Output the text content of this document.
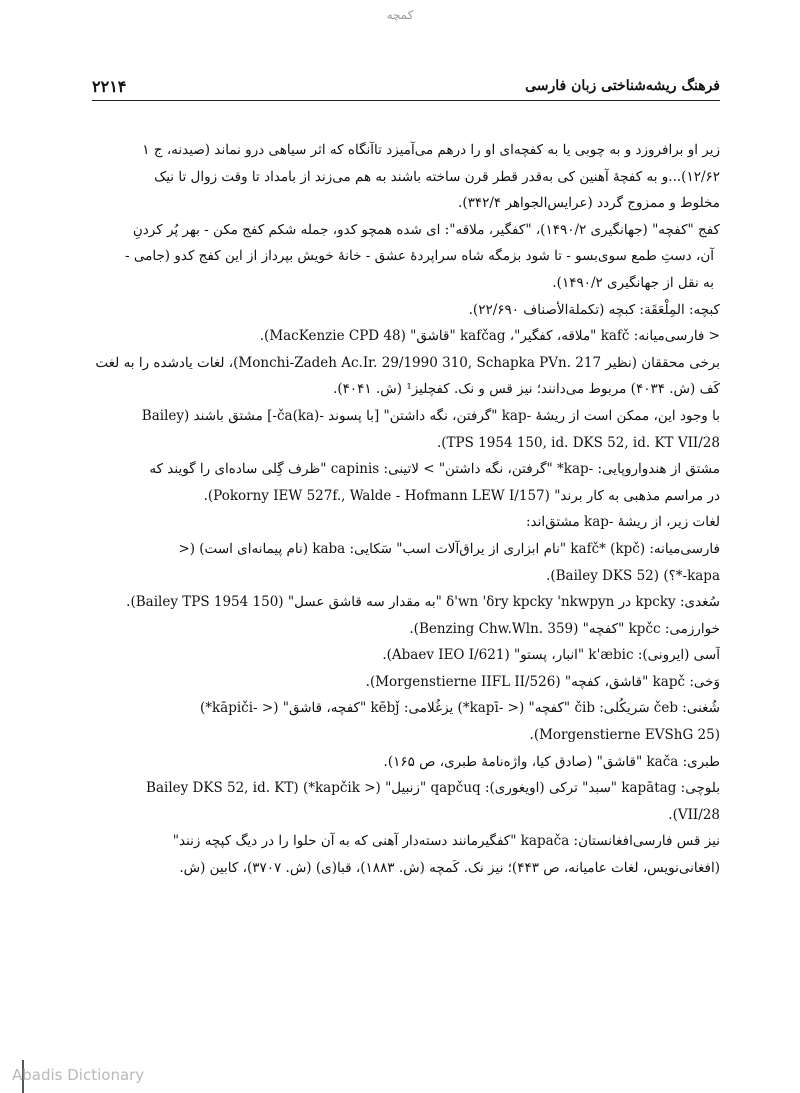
کمچه
۲۲۱۴	فرهنگ ریشه‌شناختی زبان فارسی
زیر او برافروزد و به چوبی یا به کفچه‌ای او را درهم می‌آمیزد تاآنگاه که اثر سیاهی درو نماند (صیدنه، ج ۱
۱۲/۶۲)...و به کفچهٔ آهنین کی به‌قدر قطر قرن ساخته باشند به هم می‌زند از بامداد تا وقت زوال تا نیک
مخلوط و ممزوج گردد (عرایس‌الجواهر ۳۴۲/۴).
کفج "کفچه" (جهانگیری ۱۴۹۰/۲)، "کفگیر، ملاقه": ای شده همچو کدو، جمله شکم کفج مکن - بهر پُر کردنِ
آن، دستِ طمع سوی‌بسو - تا شود بزمگه شاه سراپردهٔ عشق - خانهٔ خویش بپرداز از این کفج کدو (جامی -
به نقل از جهانگیری ۱۴۹۰/۲).
کبچه: المِلْعَقَة: کبچه (تکملة‌الأصناف ۲۲/۶۹۰).
< فارسی‌میانه: kafč "ملاقه، کفگیر"، kafčag "قاشق" (MacKenzie CPD 48).
برخی محققان (نظیر Monchi-Zadeh Ac.Ir. 29/1990 310, Schapka PVn. 217)، لغات یادشده را به لغت
کَف (ش. ۴۰۳۴) مربوط می‌دانند؛ نیز قس و نک. کفچلیز¹ (ش. ۴۰۴۱).
با وجود این، ممکن است از ریشهٔ -kap "گرفتن، نگه داشتن" [با پسوند -ča(ka)-] مشتق باشند (Bailey
TPS 1954 150, id. DKS 52, id. KT VII/28).
مشتق از هندواروپایی: -kap* "گرفتن، نگه داشتن" > لاتینی: capinis "ظرف گِلی ساده‌ای را گویند که
در مراسم مذهبی به کار برند" (Pokorny IEW 527f., Walde - Hofmann LEW I/157).
لغات زیر، از ریشهٔ -kap مشتق‌اند:
فارسی‌میانه: kafč* (kpč) "نام ابزاری از یراق‌آلات اسب" سَکایی: kaba (نام پیمانه‌ای است) (<
kapa-*؟) (Bailey DKS 52).
سُغدی: kpcky در δ'wn 'δry kpcky 'nkwpyn "به مقدار سه قاشق عسل" (Bailey TPS 1954 150).
خوارزمی: kpčc "کفچه" (Benzing Chw.Wln. 359).
آسی (ایرونی): k'æbic "انبار، پستو" (Abaev IEO I/621).
وَخی: kapč "قاشق، کفچه" (Morgenstierne IIFL II/526).
شُغنی: čeb سَریکُلی: čib "کفچه" (< -kapī*) یزغُلامی: kēbǰ "کفچه، قاشق" (< -kāpiči*)
(Morgenstierne EVShG 25).
طبری: kača "قاشق" (صادق کیا، واژه‌نامهٔ طبری، ص ۱۶۵).
بلوچی: kapātag "سبد" ترکی (اویغوری): qapčuq "زنبیل" (< kapčik*) (Bailey DKS 52, id. KT
VII/28).
نیز قس فارسی‌افغانستان: kapača "کفگیرمانند دسته‌دار آهنی که به آن حلوا را در دیگ کپچه زنند"
(افغانی‌نویس، لغات عامیانه، ص ۴۴۳)؛ نیز نک. کَمچه (ش. ۱۸۸۳)، قبا(ی) (ش. ۳۷۰۷)، کابین (ش.
Abadis Dictionary
